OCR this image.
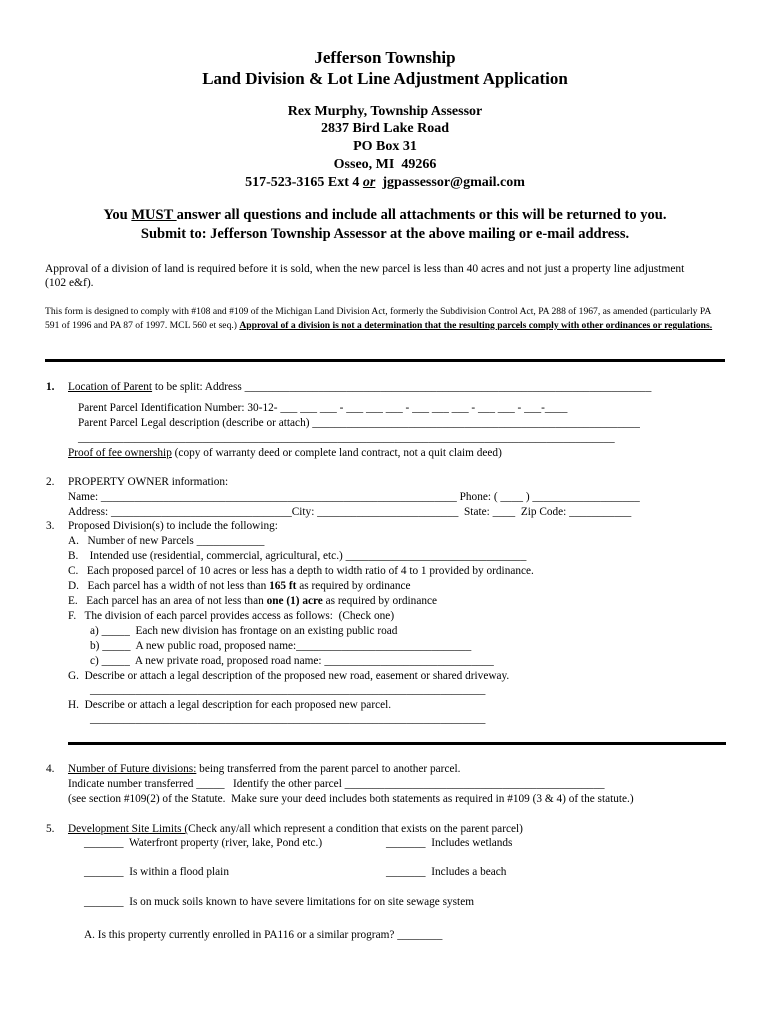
Jefferson Township
Land Division & Lot Line Adjustment Application
Rex Murphy, Township Assessor
2837 Bird Lake Road
PO Box 31
Osseo, MI  49266
517-523-3165 Ext 4 or  jgpassessor@gmail.com
You MUST answer all questions and include all attachments or this will be returned to you.
Submit to: Jefferson Township Assessor at the above mailing or e-mail address.
Approval of a division of land is required before it is sold, when the new parcel is less than 40 acres and not just a property line adjustment (102 e&f).
This form is designed to comply with #108 and #109 of the Michigan Land Division Act, formerly the Subdivision Control Act, PA 288 of 1967, as amended (particularly PA 591 of 1996 and PA 87 of 1997. MCL 560 et seq.) Approval of a division is not a determination that the resulting parcels comply with other ordinances or regulations.
1. Location of Parent to be split: Address ________________________________________________________________________
Parent Parcel Identification Number: 30-12- ___ ___ ___ - ___ ___ ___ - ___ ___ ___ - ___ ___ - ___-____
Parent Parcel Legal description (describe or attach) __________________________________________________________
_______________________________________________________________________________________________
Proof of fee ownership (copy of warranty deed or complete land contract, not a quit claim deed)
2. PROPERTY OWNER information:
Name: _______________________________________________________________ Phone: ( ____ ) ___________________
Address: ________________________________City: _________________________  State: ____  Zip Code: ___________
3. Proposed Division(s) to include the following:
A.   Number of new Parcels ____________
B.    Intended use (residential, commercial, agricultural, etc.) ________________________________
C.   Each proposed parcel of 10 acres or less has a depth to width ratio of 4 to 1 provided by ordinance.
D.   Each parcel has a width of not less than 165 ft as required by ordinance
E.   Each parcel has an area of not less than one (1) acre as required by ordinance
F.   The division of each parcel provides access as follows:  (Check one)
a) _____  Each new division has frontage on an existing public road
b) _____  A new public road, proposed name:_______________________________
c) _____  A new private road, proposed road name: ______________________________
G.  Describe or attach a legal description of the proposed new road, easement or shared driveway.
______________________________________________________________________
H.  Describe or attach a legal description for each proposed new parcel.
______________________________________________________________________
4. Number of Future divisions: being transferred from the parent parcel to another parcel.
Indicate number transferred _____   Identify the other parcel ______________________________________________
(see section #109(2) of the Statute.  Make sure your deed includes both statements as required in #109 (3 & 4) of the statute.)
5. Development Site Limits (Check any/all which represent a condition that exists on the parent parcel)
_______  Waterfront property (river, lake, Pond etc.)	_______  Includes wetlands
_______  Is within a flood plain	_______  Includes a beach
_______  Is on muck soils known to have severe limitations for on site sewage system
A. Is this property currently enrolled in PA116 or a similar program? ________
